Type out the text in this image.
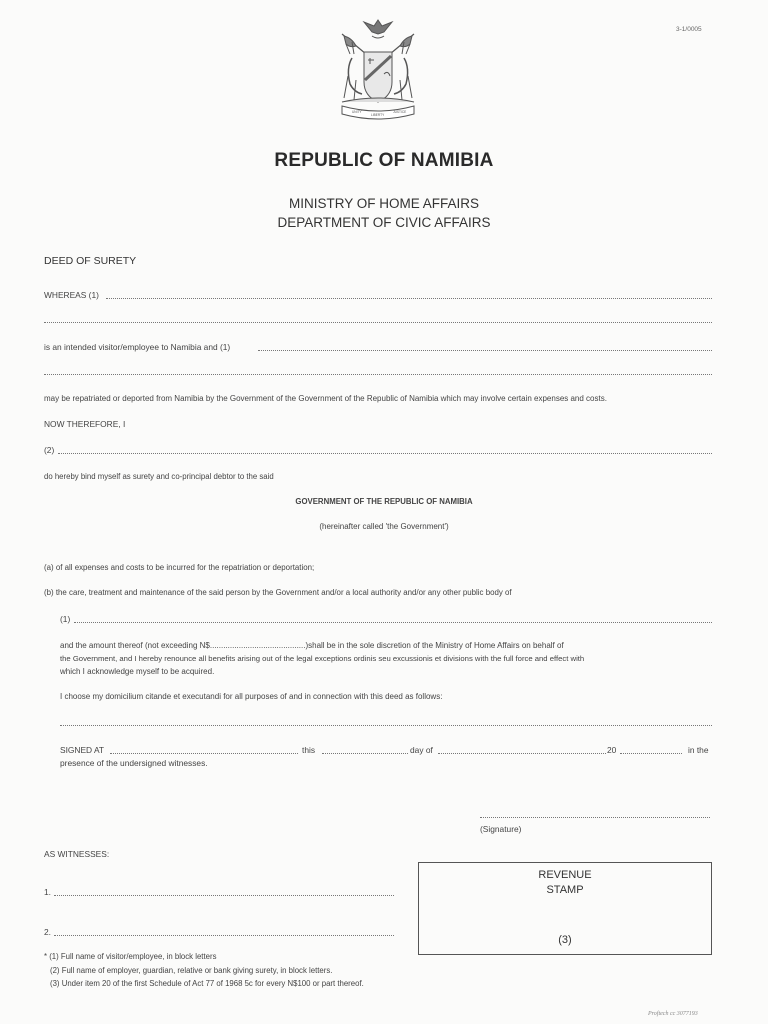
3-1/0005
UNITY
LIBERTY
JUSTICE
REPUBLIC OF NAMIBIA
MINISTRY OF HOME AFFAIRS
DEPARTMENT OF CIVIC AFFAIRS
DEED OF SURETY
WHEREAS (1)
is an intended visitor/employee to Namibia and (1)
may be repatriated or deported from Namibia by the Government of the Government of the Republic of Namibia which may involve certain expenses and costs.
NOW THEREFORE, I
(2)
do hereby bind myself as surety and co-principal debtor to the said
GOVERNMENT OF THE REPUBLIC OF NAMIBIA
(hereinafter called 'the Government')
(a) of all expenses and costs to be incurred for the repatriation or deportation;
(b) the care, treatment and maintenance of the said person by the Government and/or a local authority and/or any other public body of
(1)
and the amount thereof (not exceeding N$...........................................)shall be in the sole discretion of the Ministry of Home Affairs on behalf of
the Government, and I hereby renounce all benefits arising out of the legal exceptions ordinis seu excussionis et divisions with the full force and effect with
which I acknowledge myself to be acquired.
I choose my domicilium citande et executandi for all purposes of and in connection with this deed as follows:
SIGNED AT	this	day of	20	in the
presence of the undersigned witnesses.
(Signature)
AS WITNESSES:
1.
2.
REVENUE
STAMP
(3)
* (1) Full name of visitor/employee, in block letters
(2) Full name of employer, guardian, relative or bank giving surety, in block letters.
(3) Under item 20 of the first Schedule of Act 77 of 1968 5c for every N$100 or part thereof.
Proftech cc 3077193
